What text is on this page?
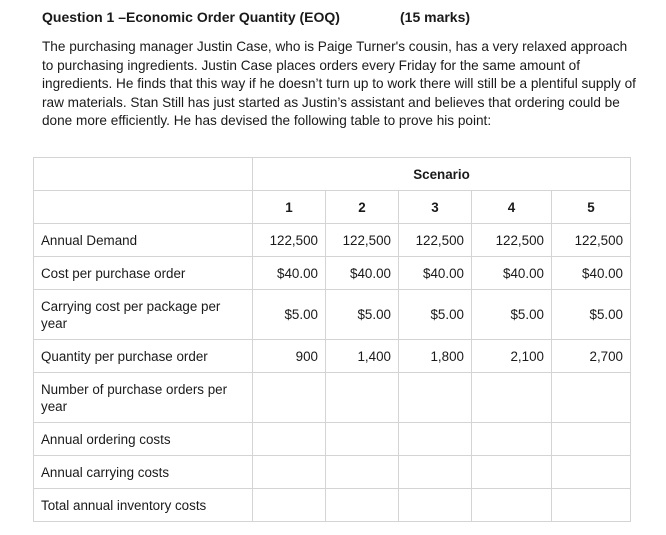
Question 1 –Economic Order Quantity (EOQ)	(15 marks)

The purchasing manager Justin Case, who is Paige Turner's cousin, has a very relaxed approach to purchasing ingredients. Justin Case places orders every Friday for the same amount of ingredients. He finds that this way if he doesn’t turn up to work there will still be a plentiful supply of raw materials. Stan Still has just started as Justin’s assistant and believes that ordering could be done more efficiently. He has devised the following table to prove his point:

	Scenario				
	1	2	3	4	5
Annual Demand	122,500	122,500	122,500	122,500	122,500
Cost per purchase order	$40.00	$40.00	$40.00	$40.00	$40.00
Carrying cost per package per year	$5.00	$5.00	$5.00	$5.00	$5.00
Quantity per purchase order	900	1,400	1,800	2,100	2,700
Number of purchase orders per year					
Annual ordering costs					
Annual carrying costs					
Total annual inventory costs					
